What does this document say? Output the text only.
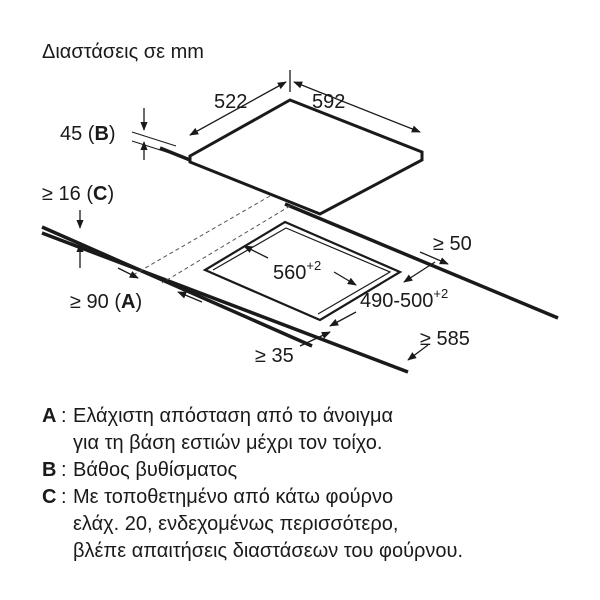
Διαστάσεις σε mm
522	592
45 (B)
≥ 16 (C)
$560^{+2}$
$490-500^{+2}$
≥ 90 (A)
≥ 50
≥ 35
≥ 585
A : Ελάχιστη απόσταση από το άνοιγμα
για τη βάση εστιών μέχρι τον τοίχο.
B : Βάθος βυθίσματος
C : Με τοποθετημένο από κάτω φούρνο
ελάχ. 20, ενδεχομένως περισσότερο,
βλέπε απαιτήσεις διαστάσεων του φούρνου.
